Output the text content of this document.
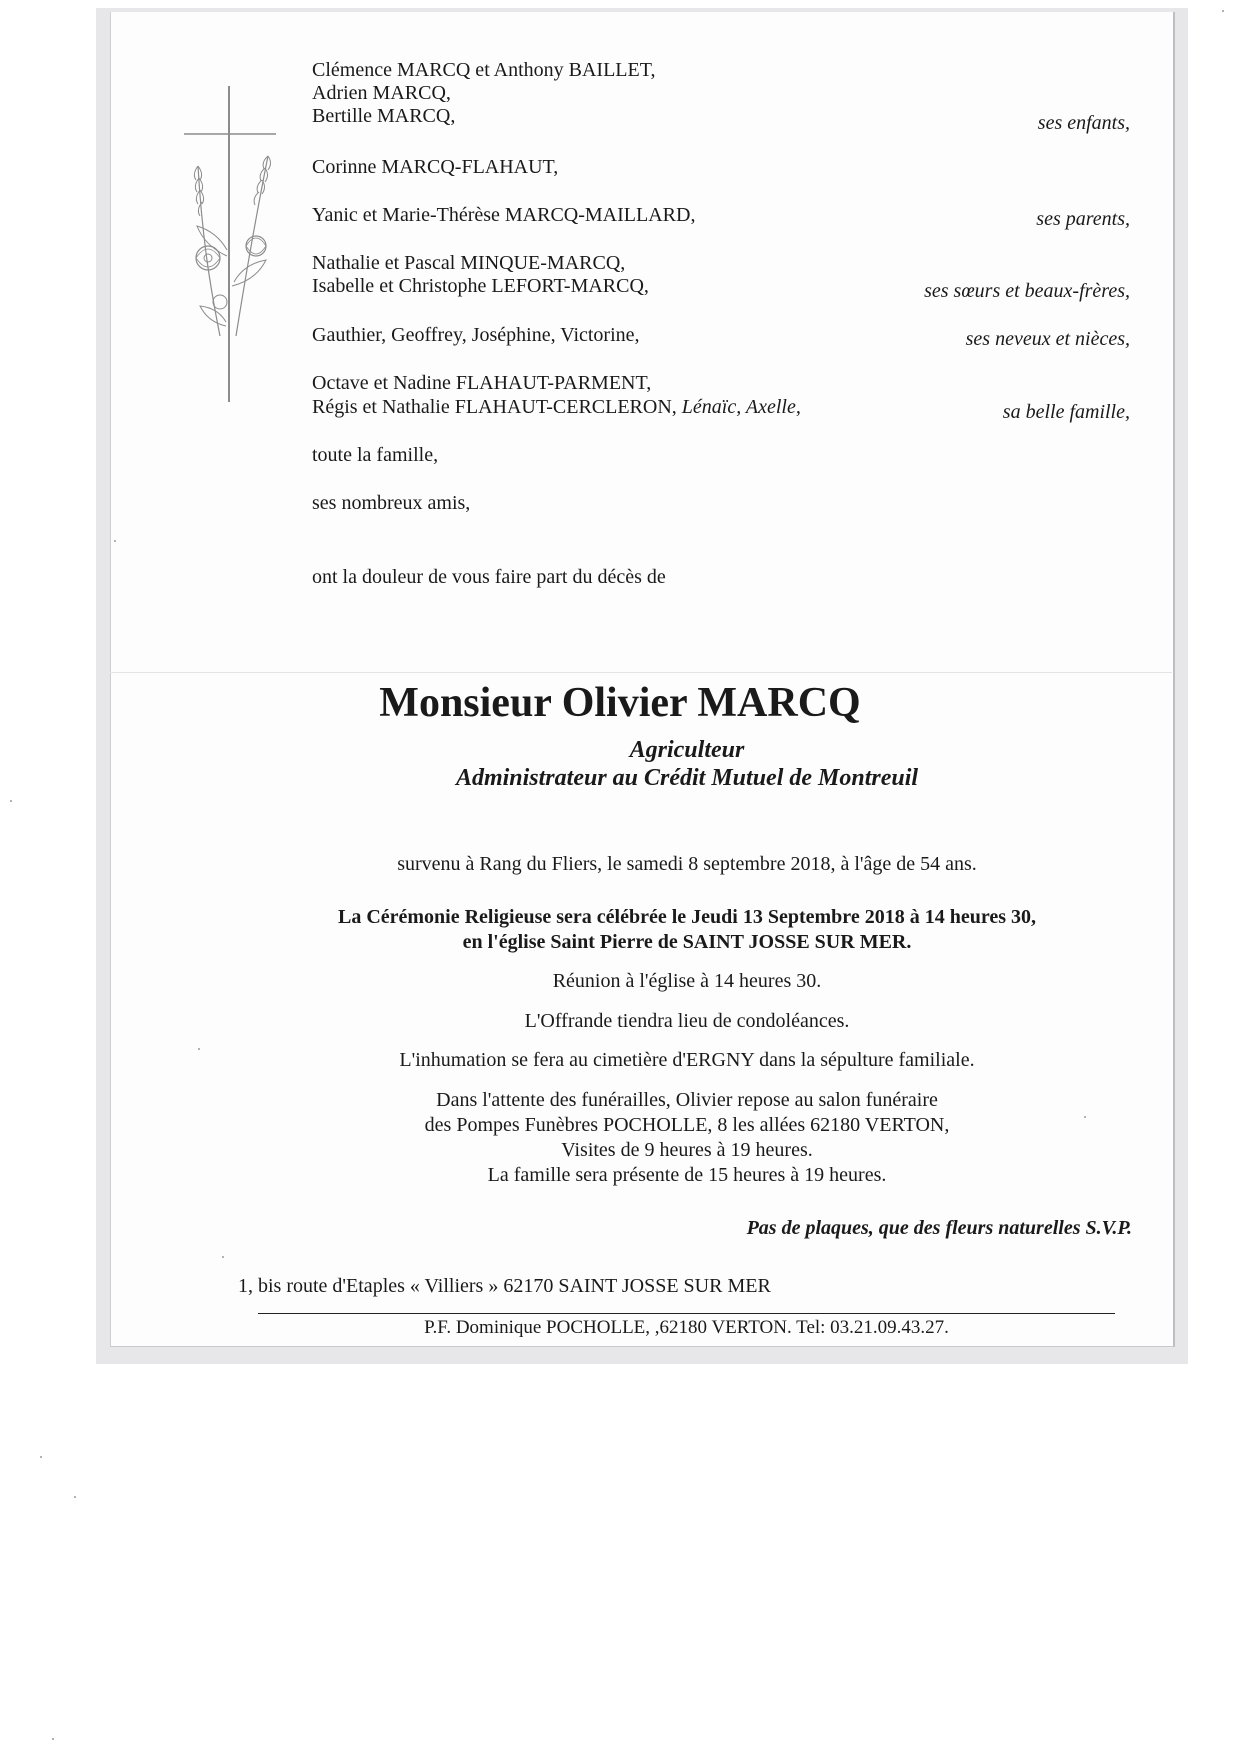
Clémence MARCQ et Anthony BAILLET,
Adrien MARCQ,
Bertille MARCQ,	ses enfants,
Corinne MARCQ-FLAHAUT,
Yanic et Marie-Thérèse MARCQ-MAILLARD,	ses parents,
Nathalie et Pascal MINQUE-MARCQ,
Isabelle et Christophe LEFORT-MARCQ,	ses sœurs et beaux-frères,
Gauthier, Geoffrey, Joséphine, Victorine,	ses neveux et nièces,
Octave et Nadine FLAHAUT-PARMENT,
Régis et Nathalie FLAHAUT-CERCLERON, Lénaïc, Axelle,	sa belle famille,
toute la famille,
ses nombreux amis,
ont la douleur de vous faire part du décès de
Monsieur Olivier MARCQ
Agriculteur
Administrateur au Crédit Mutuel de Montreuil
survenu à Rang du Fliers, le samedi 8 septembre 2018, à l'âge de 54 ans.
La Cérémonie Religieuse sera célébrée le Jeudi 13 Septembre 2018 à 14 heures 30,
en l'église Saint Pierre de SAINT JOSSE SUR MER.
Réunion à l'église à 14 heures 30.
L'Offrande tiendra lieu de condoléances.
L'inhumation se fera au cimetière d'ERGNY dans la sépulture familiale.
Dans l'attente des funérailles, Olivier repose au salon funéraire
des Pompes Funèbres POCHOLLE, 8 les allées 62180 VERTON,
Visites de 9 heures à 19 heures.
La famille sera présente de 15 heures à 19 heures.
Pas de plaques, que des fleurs naturelles S.V.P.
1, bis route d'Etaples « Villiers » 62170 SAINT JOSSE SUR MER
P.F. Dominique POCHOLLE, ,62180 VERTON. Tel: 03.21.09.43.27.
